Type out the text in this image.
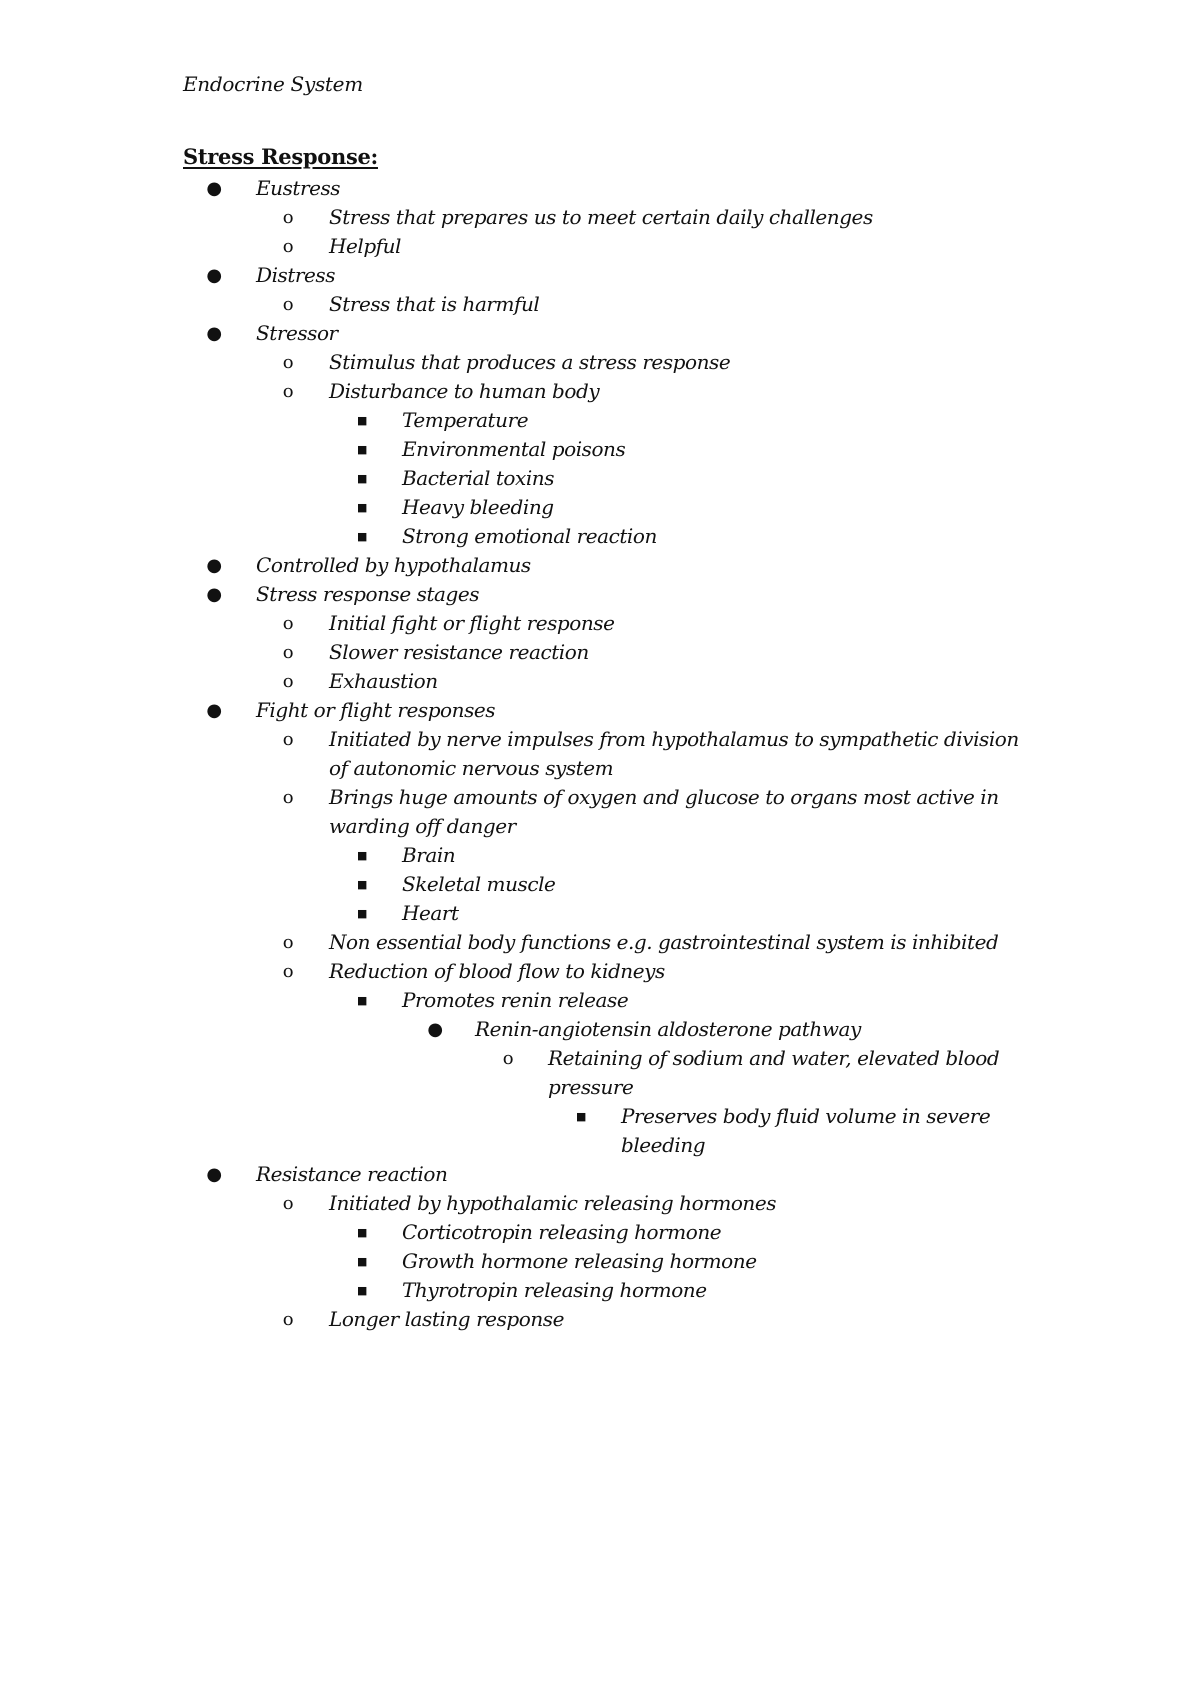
Endocrine System
Stress Response:
● Eustress
o Stress that prepares us to meet certain daily challenges
o Helpful
● Distress
o Stress that is harmful
● Stressor
o Stimulus that produces a stress response
o Disturbance to human body
■ Temperature
■ Environmental poisons
■ Bacterial toxins
■ Heavy bleeding
■ Strong emotional reaction
● Controlled by hypothalamus
● Stress response stages
o Initial fight or flight response
o Slower resistance reaction
o Exhaustion
● Fight or flight responses
o Initiated by nerve impulses from hypothalamus to sympathetic division of autonomic nervous system
o Brings huge amounts of oxygen and glucose to organs most active in warding off danger
■ Brain
■ Skeletal muscle
■ Heart
o Non essential body functions e.g. gastrointestinal system is inhibited
o Reduction of blood flow to kidneys
■ Promotes renin release
● Renin-angiotensin aldosterone pathway
o Retaining of sodium and water, elevated blood pressure
■ Preserves body fluid volume in severe bleeding
● Resistance reaction
o Initiated by hypothalamic releasing hormones
■ Corticotropin releasing hormone
■ Growth hormone releasing hormone
■ Thyrotropin releasing hormone
o Longer lasting response
